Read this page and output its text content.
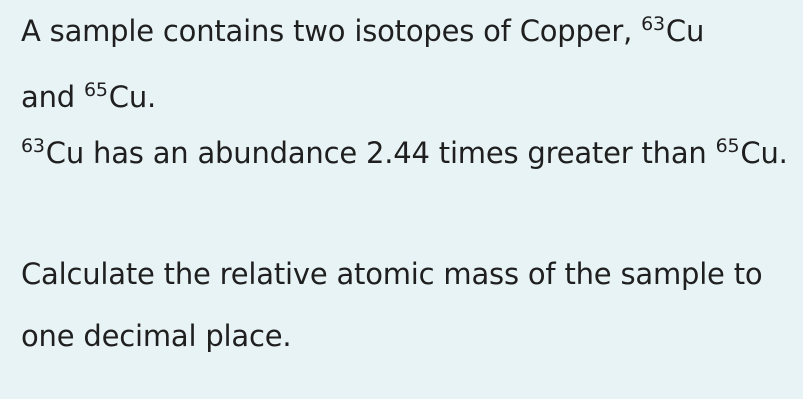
A sample contains two isotopes of Copper, $^{63}$Cu
and $^{65}$Cu.

$^{63}$Cu has an abundance 2.44 times greater than $^{65}$Cu.

Calculate the relative atomic mass of the sample to one decimal place.
